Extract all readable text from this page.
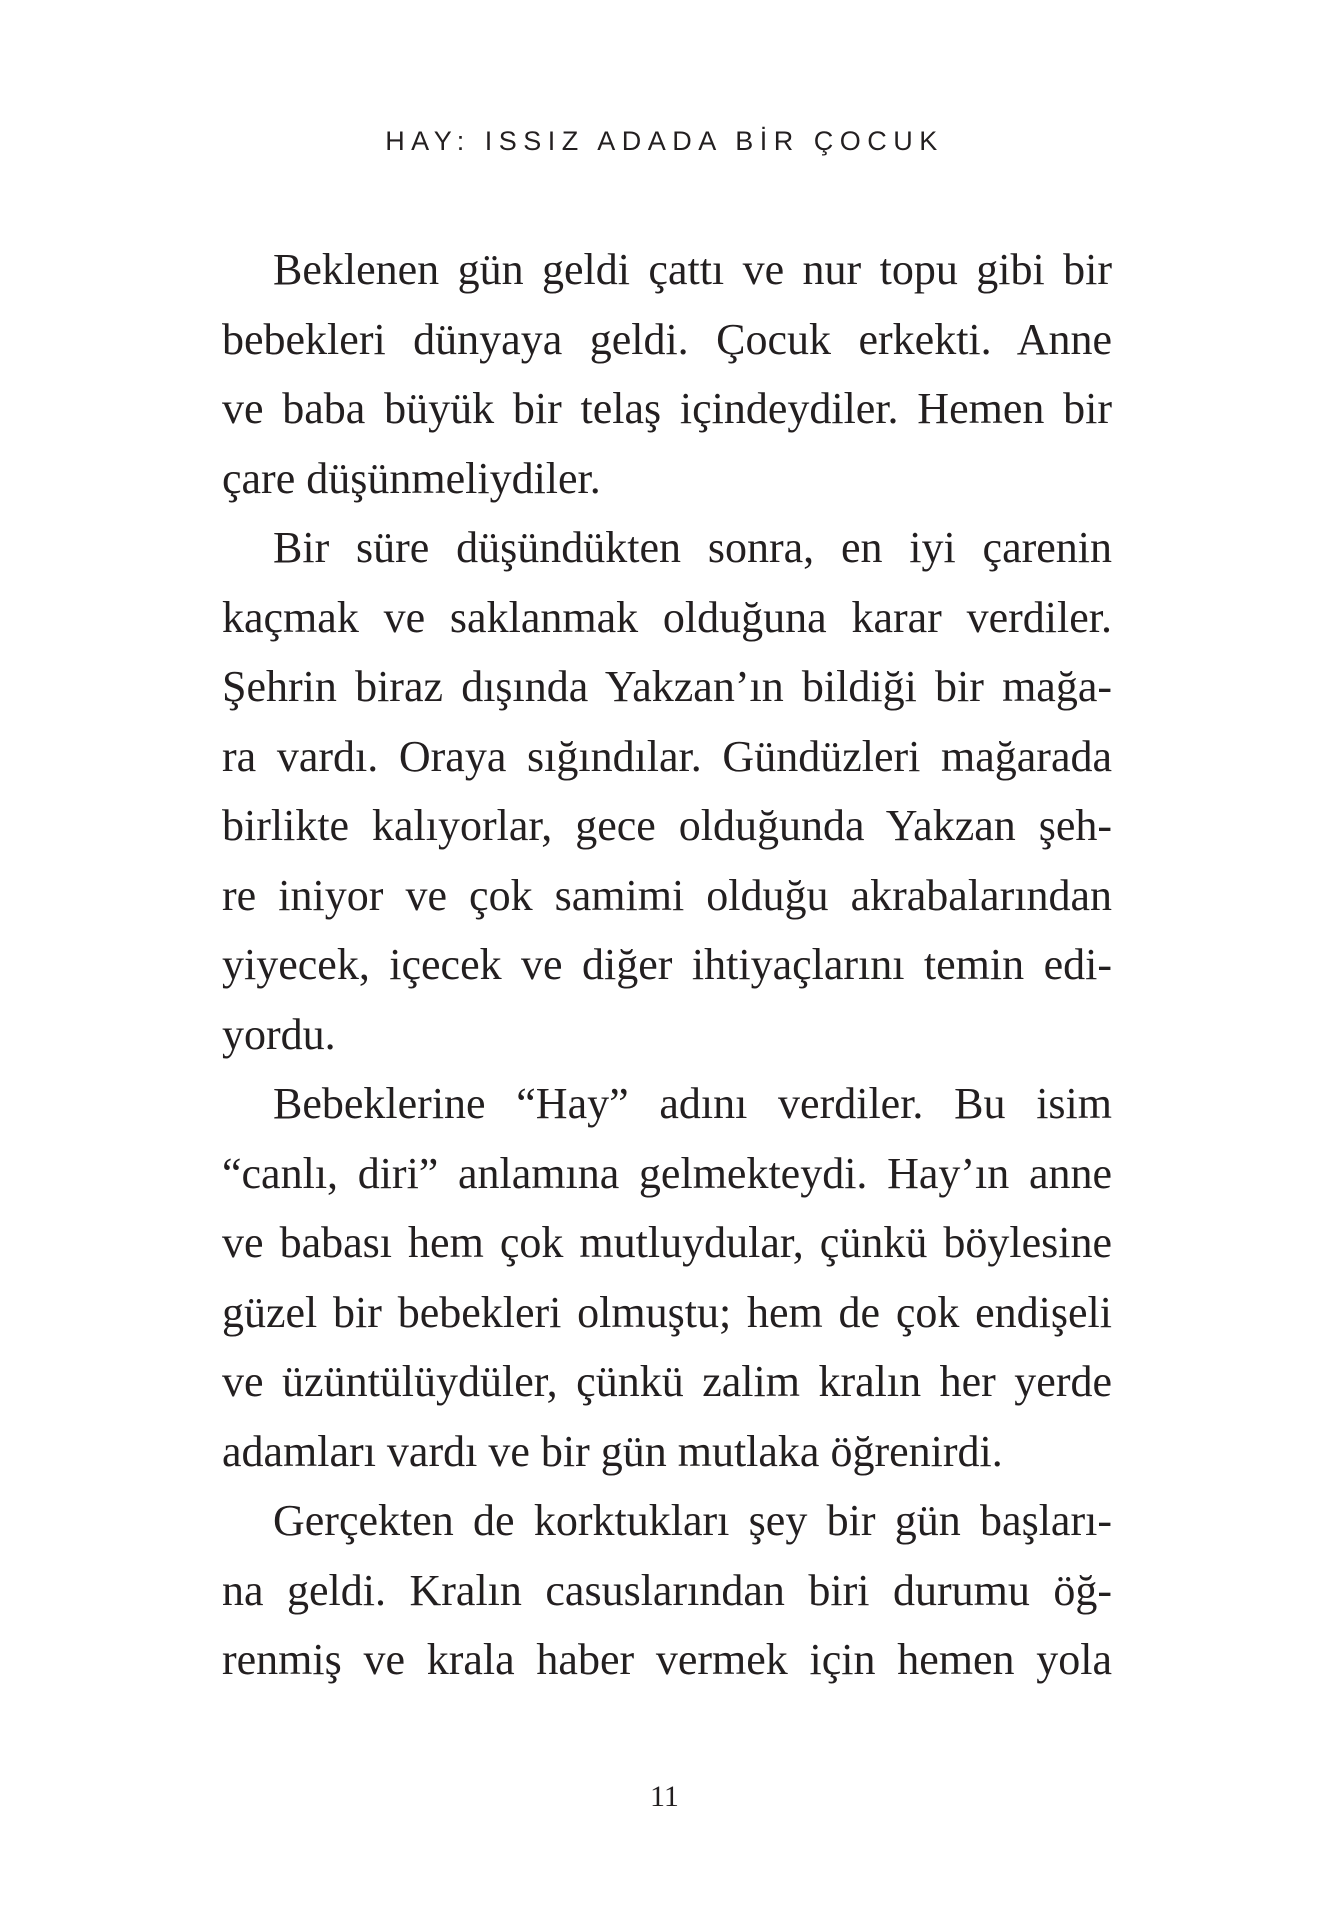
HAY: ISSIZ ADADA BİR ÇOCUK

Beklenen gün geldi çattı ve nur topu gibi bir
bebekleri dünyaya geldi. Çocuk erkekti. Anne
ve baba büyük bir telaş içindeydiler. Hemen bir
çare düşünmeliydiler.

Bir süre düşündükten sonra, en iyi çarenin
kaçmak ve saklanmak olduğuna karar verdiler.
Şehrin biraz dışında Yakzan’ın bildiği bir mağa-
ra vardı. Oraya sığındılar. Gündüzleri mağarada
birlikte kalıyorlar, gece olduğunda Yakzan şeh-
re iniyor ve çok samimi olduğu akrabalarından
yiyecek, içecek ve diğer ihtiyaçlarını temin edi-
yordu.

Bebeklerine “Hay” adını verdiler. Bu isim
“canlı, diri” anlamına gelmekteydi. Hay’ın anne
ve babası hem çok mutluydular, çünkü böylesine
güzel bir bebekleri olmuştu; hem de çok endişeli
ve üzüntülüydüler, çünkü zalim kralın her yerde
adamları vardı ve bir gün mutlaka öğrenirdi.

Gerçekten de korktukları şey bir gün başları-
na geldi. Kralın casuslarından biri durumu öğ-
renmiş ve krala haber vermek için hemen yola

11
